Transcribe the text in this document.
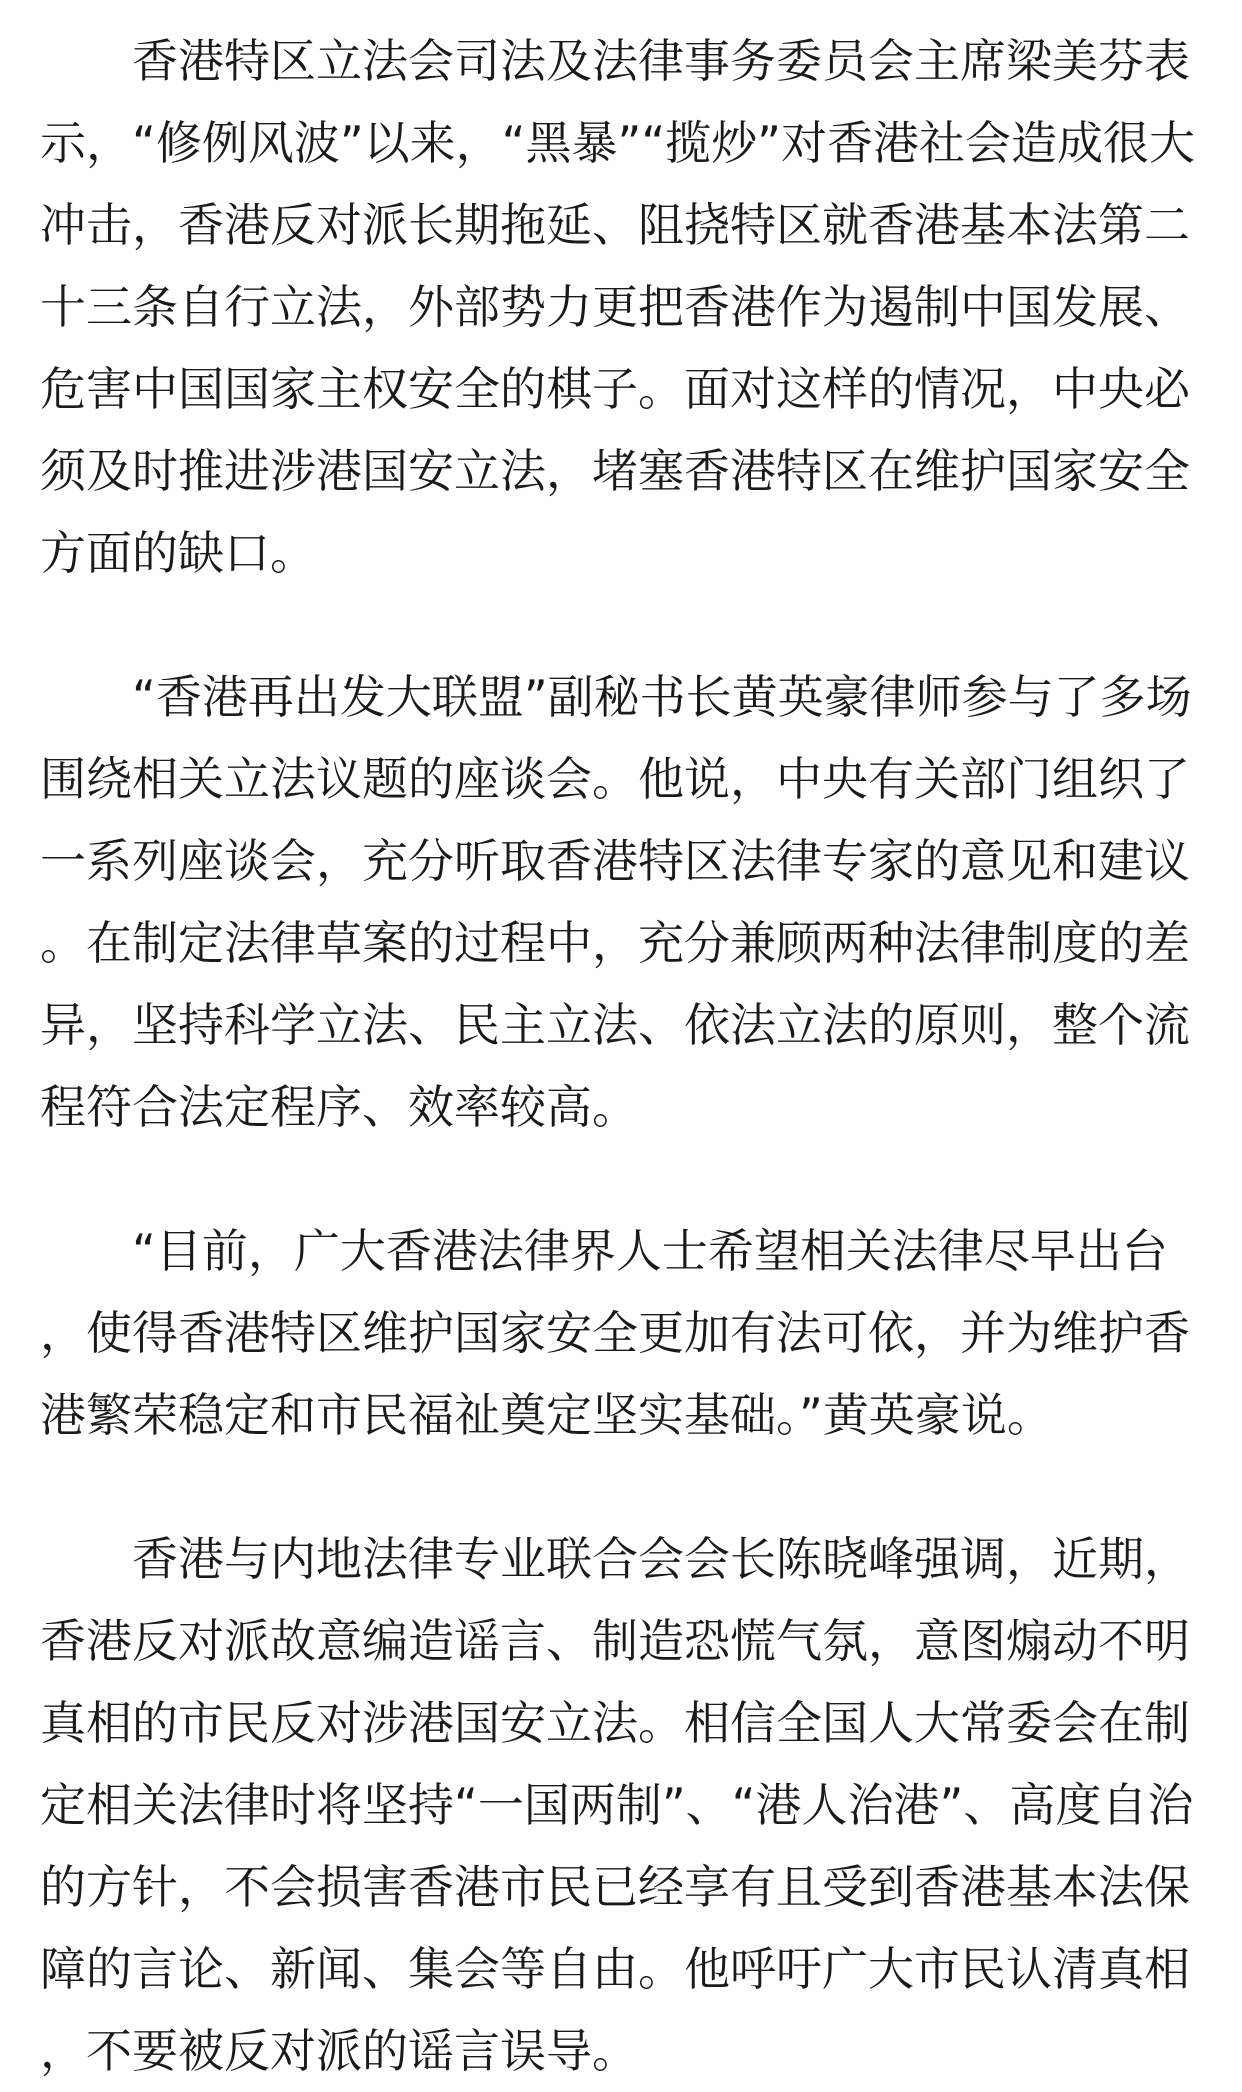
香港特区立法会司法及法律事务委员会主席梁美芬表示，“修例风波”以来，“黑暴”“揽炒”对香港社会造成很大冲击，香港反对派长期拖延、阻挠特区就香港基本法第二十三条自行立法，外部势力更把香港作为遏制中国发展、危害中国国家主权安全的棋子。面对这样的情况，中央必须及时推进涉港国安立法，堵塞香港特区在维护国家安全方面的缺口。

“香港再出发大联盟”副秘书长黄英豪律师参与了多场围绕相关立法议题的座谈会。他说，中央有关部门组织了一系列座谈会，充分听取香港特区法律专家的意见和建议。在制定法律草案的过程中，充分兼顾两种法律制度的差异，坚持科学立法、民主立法、依法立法的原则，整个流程符合法定程序、效率较高。

“目前，广大香港法律界人士希望相关法律尽早出台，使得香港特区维护国家安全更加有法可依，并为维护香港繁荣稳定和市民福祉奠定坚实基础。”黄英豪说。

香港与内地法律专业联合会会长陈晓峰强调，近期，香港反对派故意编造谣言、制造恐慌气氛，意图煽动不明真相的市民反对涉港国安立法。相信全国人大常委会在制定相关法律时将坚持“一国两制”、“港人治港”、高度自治的方针，不会损害香港市民已经享有且受到香港基本法保障的言论、新闻、集会等自由。他呼吁广大市民认清真相，不要被反对派的谣言误导。
